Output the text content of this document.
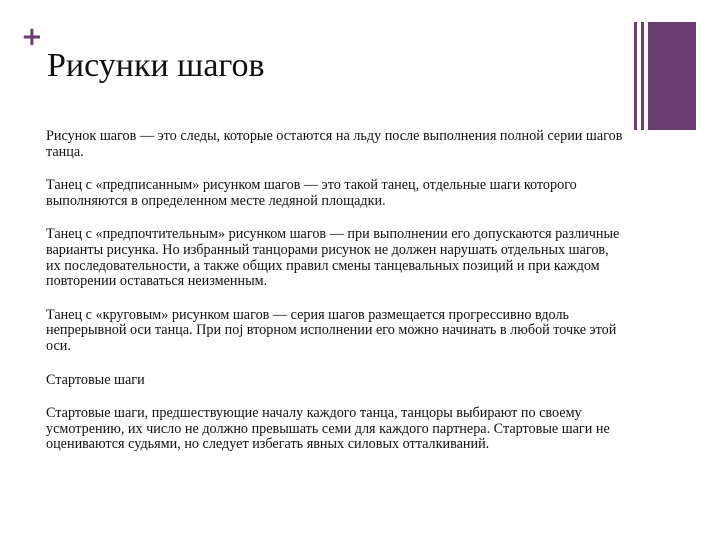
+
Рисунки шагов

Рисунок шагов — это следы, которые остаются на льду после выполнения полной серии шагов танца.

Танец с «предписанным» рисунком шагов — это такой танец, отдельные шаги которого выполняются в определенном месте ледяной площадки.

Танец с «предпочтительным» рисунком шагов — при выполнении его допускаются различные варианты рисунка. Но избранный танцорами рисунок не должен нарушать отдельных шагов, их последовательности, а также общих правил смены танцевальных позиций и при каждом повторении оставаться неизменным.

Танец с «круговым» рисунком шагов — серия шагов размещается прогрессивно вдоль непрерывной оси танца. При поj вторном исполнении его можно начинать в любой точке этой оси.

Стартовые шаги

Стартовые шаги, предшествующие началу каждого танца, танцоры выбирают по своему усмотрению, их число не должно превышать семи для каждого партнера. Стартовые шаги не оцениваются судьями, но следует избегать явных силовых отталкиваний.
